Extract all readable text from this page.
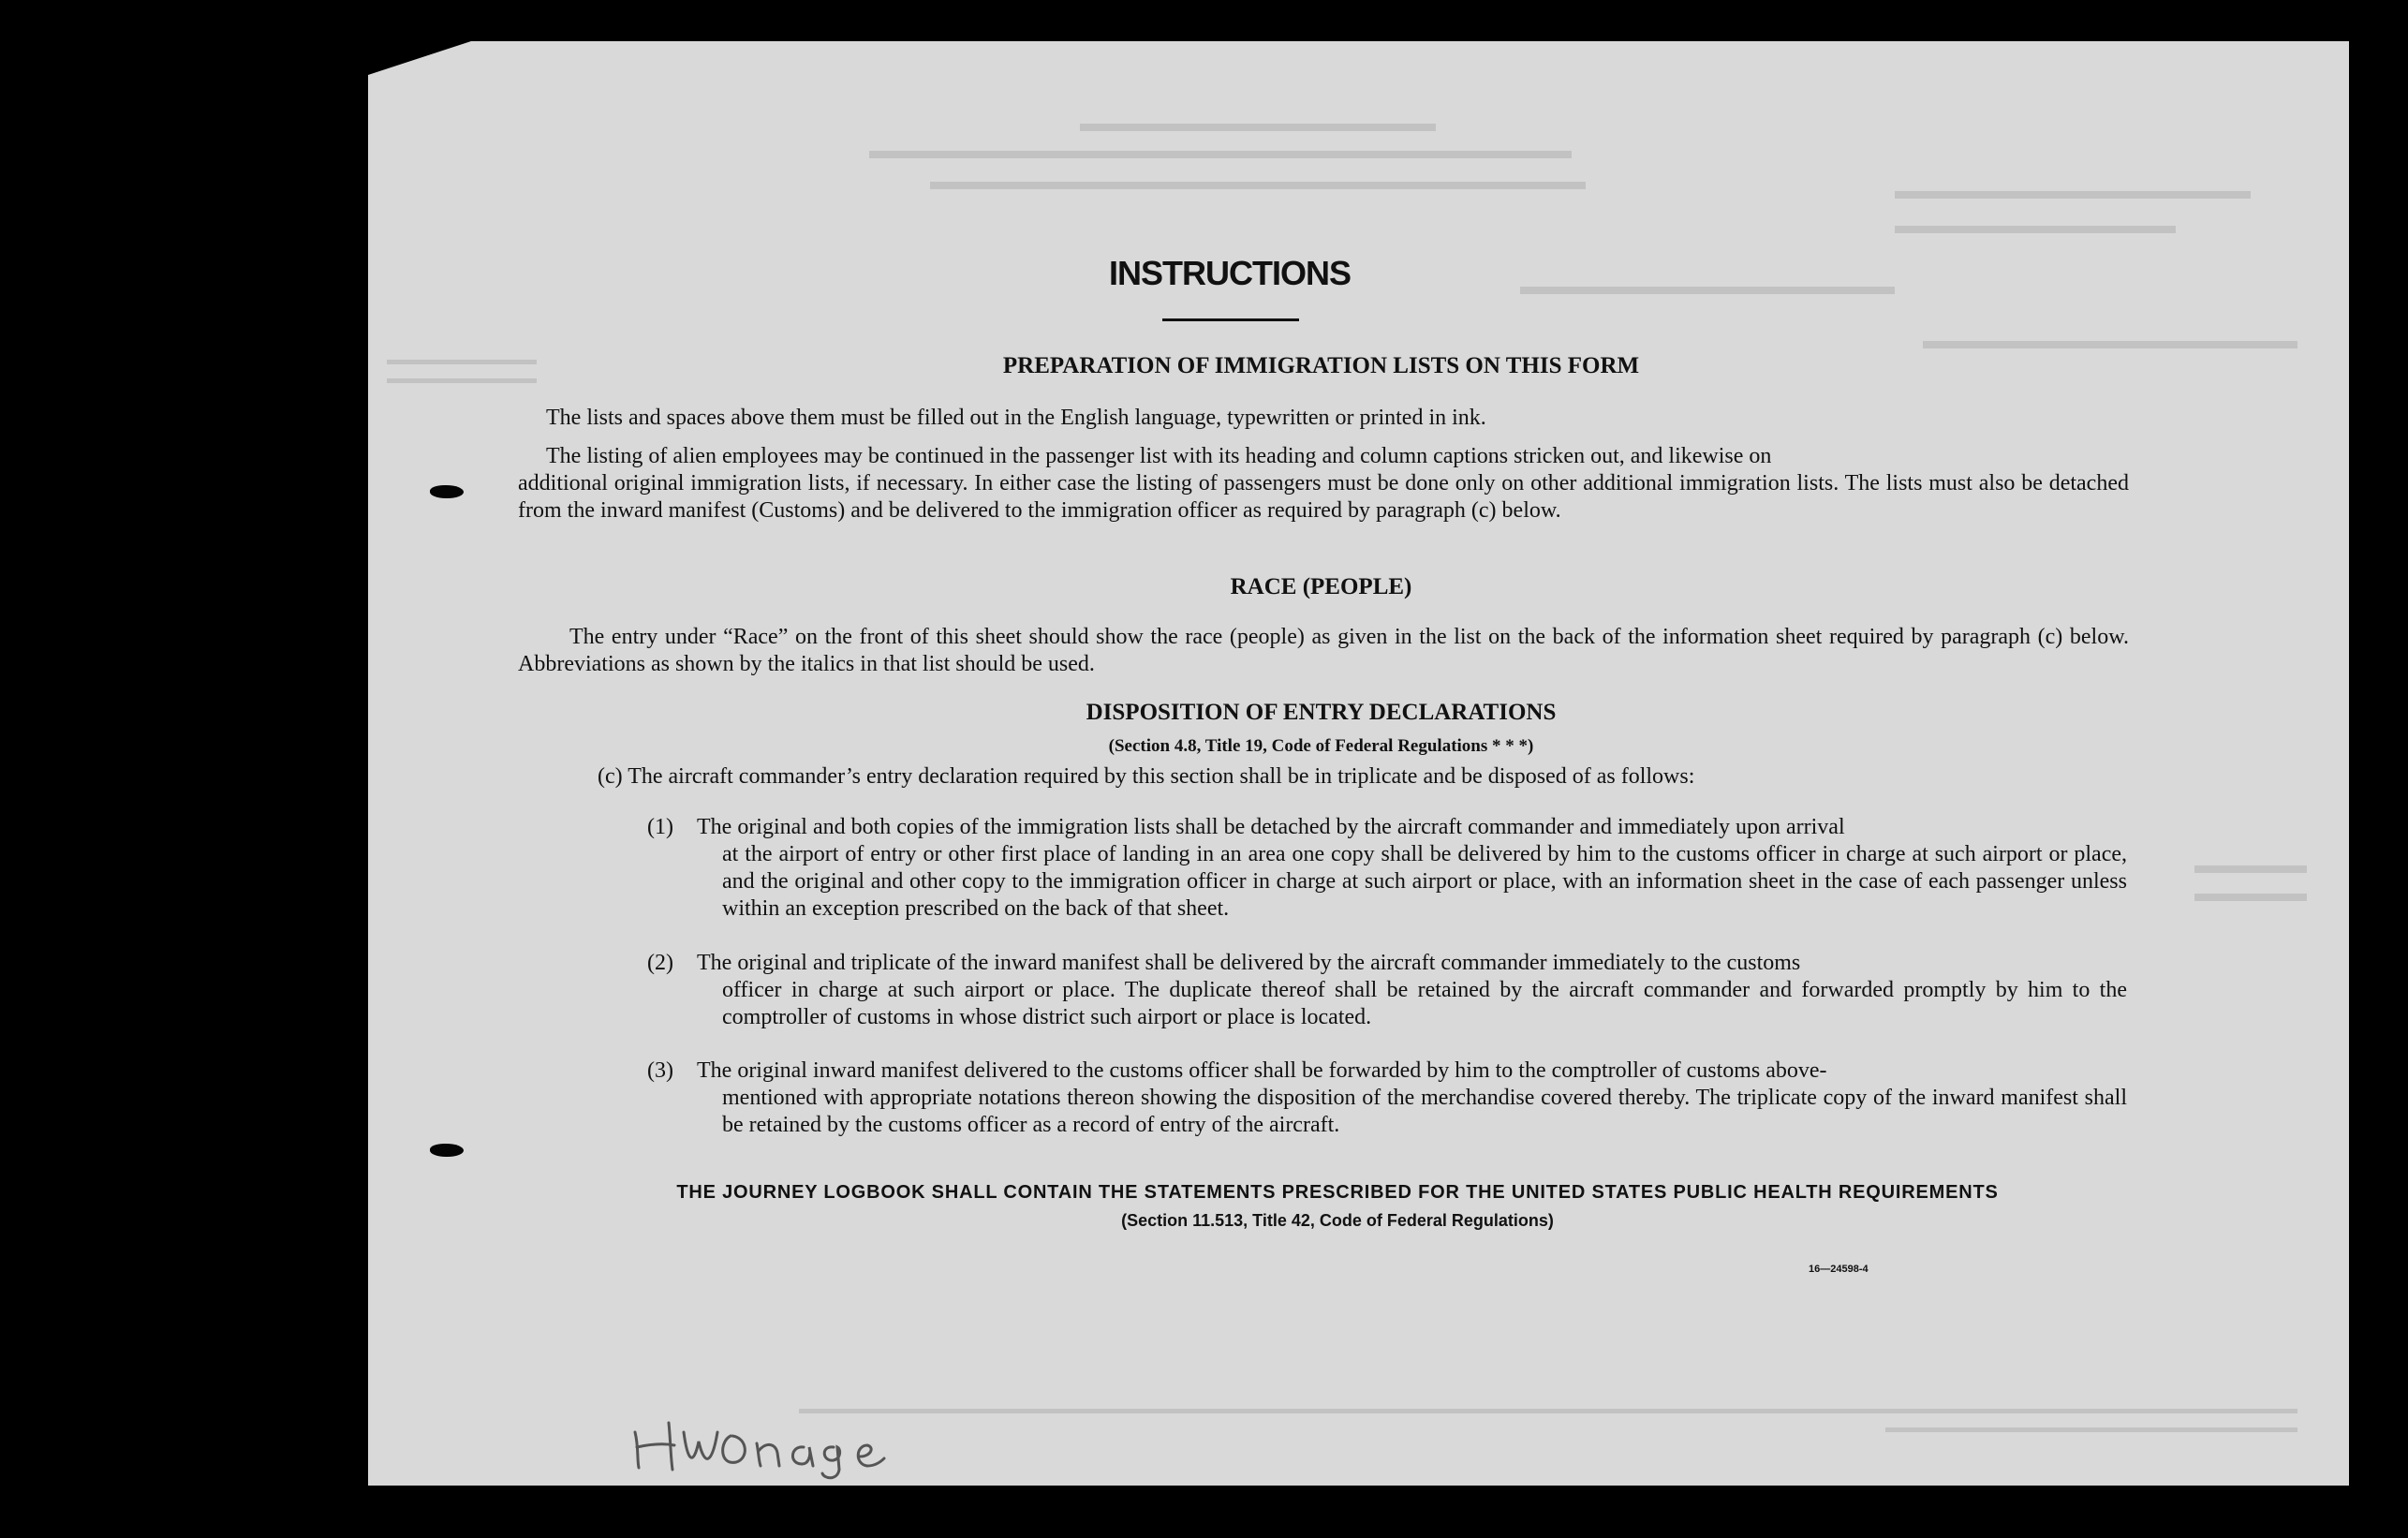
INSTRUCTIONS
PREPARATION OF IMMIGRATION LISTS ON THIS FORM

The lists and spaces above them must be filled out in the English language, typewritten or printed in ink.

The listing of alien employees may be continued in the passenger list with its heading and column captions stricken out, and likewise on

additional original immigration lists, if necessary. In either case the listing of passengers must be done only on other additional immigration lists. The lists must also be detached from the inward manifest (Customs) and be delivered to the immigration officer as required by paragraph (c) below.

RACE (PEOPLE)

The entry under “Race” on the front of this sheet should show the race (people) as given in the list on the back of the information sheet required by paragraph (c) below. Abbreviations as shown by the italics in that list should be used.

DISPOSITION OF ENTRY DECLARATIONS

(Section 4.8, Title 19, Code of Federal Regulations * * *)

(c) The aircraft commander’s entry declaration required by this section shall be in triplicate and be disposed of as follows:

(1)	The original and both copies of the immigration lists shall be detached by the aircraft commander and immediately upon arrival
at the airport of entry or other first place of landing in an area one copy shall be delivered by him to the customs officer in charge at such airport or place, and the original and other copy to the immigration officer in charge at such airport or place, with an information sheet in the case of each passenger unless within an exception prescribed on the back of that sheet.
(2)	The original and triplicate of the inward manifest shall be delivered by the aircraft commander immediately to the customs
officer in charge at such airport or place. The duplicate thereof shall be retained by the aircraft commander and forwarded promptly by him to the comptroller of customs in whose district such airport or place is located.
(3)	The original inward manifest delivered to the customs officer shall be forwarded by him to the comptroller of customs above-
mentioned with appropriate notations thereon showing the disposition of the merchandise covered thereby. The triplicate copy of the inward manifest shall be retained by the customs officer as a record of entry of the aircraft.

THE JOURNEY LOGBOOK SHALL CONTAIN THE STATEMENTS PRESCRIBED FOR THE UNITED STATES PUBLIC HEALTH REQUIREMENTS

(Section 11.513, Title 42, Code of Federal Regulations)

16—24598-4
